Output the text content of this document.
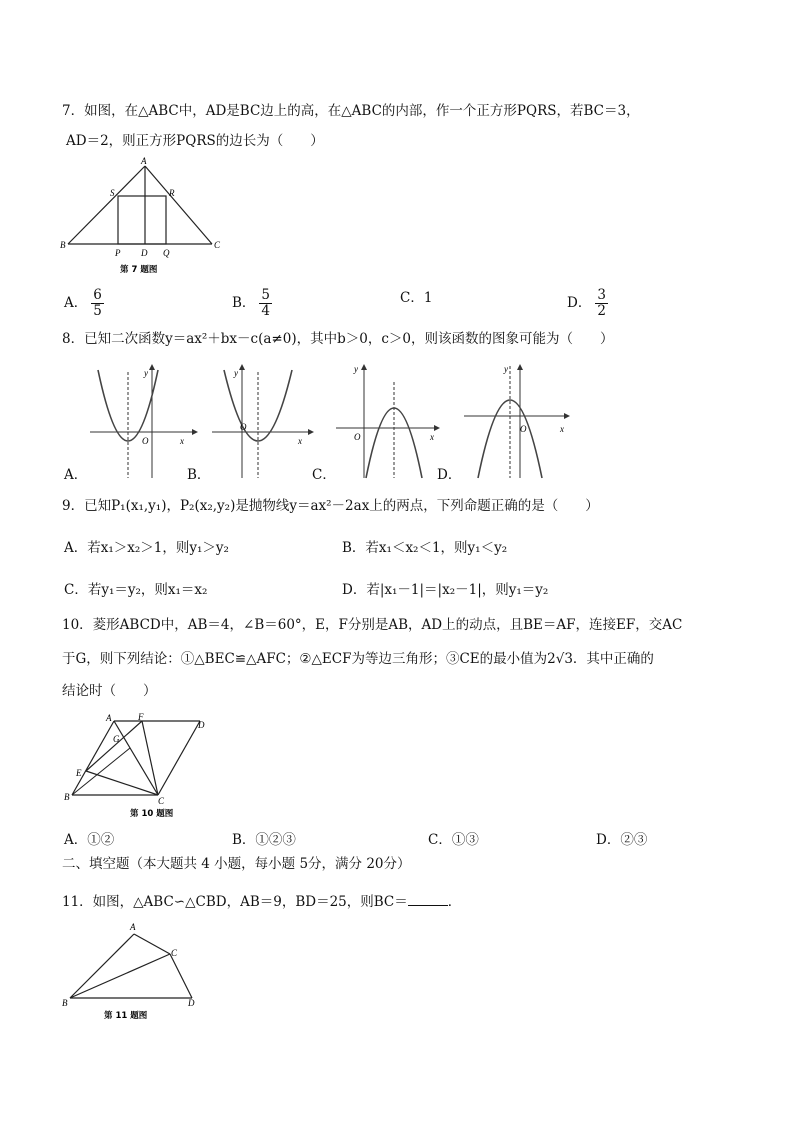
7．如图，在△ABC中，AD是BC边上的高，在△ABC的内部，作一个正方形PQRS，若BC＝3，
AD＝2，则正方形PQRS的边长为（　　）
A
B	C
D
P	Q
R
S
第 7 题图
A． $\frac{6}{5}$	B． $\frac{5}{4}$	C．1	D． $\frac{3}{2}$
8．已知二次函数y＝ax²＋bx－c(a≠0)，其中b＞0，c＞0，则该函数的图象可能为（　　）
y
O	x
y
O
x
y
O	x
y
O	x
A．	B．	C．	D．
9．已知P₁(x₁,y₁)，P₂(x₂,y₂)是抛物线y＝ax²－2ax上的两点，下列命题正确的是（　　）
A．若x₁＞x₂＞1，则y₁＞y₂	B．若x₁＜x₂＜1，则y₁＜y₂
C．若y₁＝y₂，则x₁＝x₂	D．若|x₁－1|＝|x₂－1|，则y₁＝y₂
10．菱形ABCD中，AB＝4，∠B＝60°，E，F分别是AB，AD上的动点，且BE＝AF，连接EF，交AC
于G，则下列结论：①△BEC≌△AFC；②△ECF为等边三角形；③CE的最小值为2√3．其中正确的
结论时（　　）
A
B	C
D
E
F
G
第 10 题图
A．①②	B．①②③	C．①③	D．②③
二、填空题（本大题共 4 小题，每小题 5分，满分 20分）
11．如图，△ABC∽△CBD，AB＝9，BD＝25，则BC＝	．
A
B
C
D
第 11 题图
